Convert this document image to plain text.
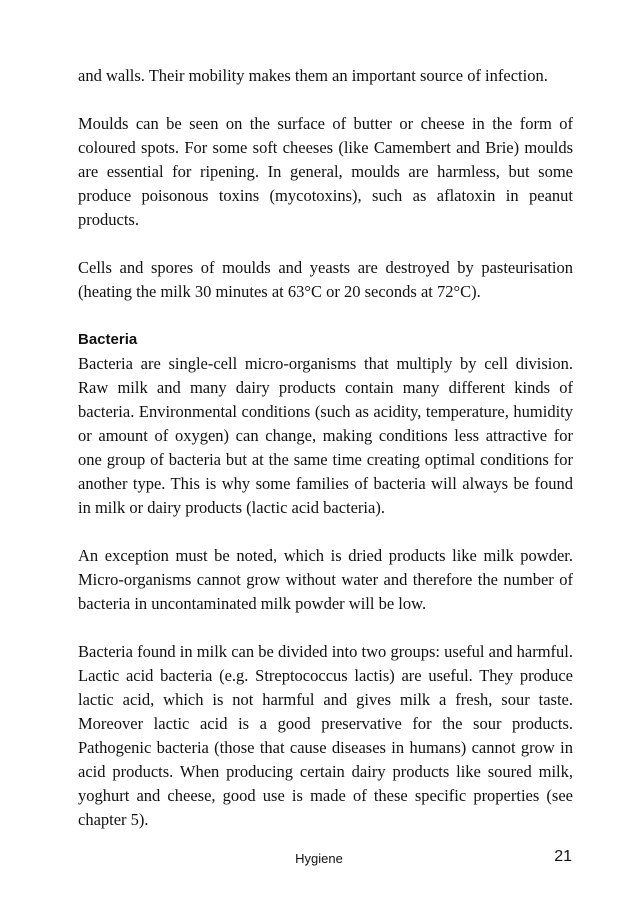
and walls. Their mobility makes them an important source of infection.

Moulds can be seen on the surface of butter or cheese in the form of coloured spots. For some soft cheeses (like Camembert and Brie) moulds are essential for ripening. In general, moulds are harmless, but some produce poisonous toxins (mycotoxins), such as aflatoxin in peanut products.

Cells and spores of moulds and yeasts are destroyed by pasteurisation (heating the milk 30 minutes at 63°C or 20 seconds at 72°C).

Bacteria

Bacteria are single-cell micro-organisms that multiply by cell division. Raw milk and many dairy products contain many different kinds of bacteria. Environmental conditions (such as acidity, temperature, humidity or amount of oxygen) can change, making conditions less attractive for one group of bacteria but at the same time creating optimal conditions for another type. This is why some families of bacteria will always be found in milk or dairy products (lactic acid bacteria).

An exception must be noted, which is dried products like milk powder. Micro-organisms cannot grow without water and therefore the number of bacteria in uncontaminated milk powder will be low.

Bacteria found in milk can be divided into two groups: useful and harmful. Lactic acid bacteria (e.g. Streptococcus lactis) are useful. They produce lactic acid, which is not harmful and gives milk a fresh, sour taste. Moreover lactic acid is a good preservative for the sour products. Pathogenic bacteria (those that cause diseases in humans) cannot grow in acid products. When producing certain dairy products like soured milk, yoghurt and cheese, good use is made of these specific properties (see chapter 5).

Hygiene	21
